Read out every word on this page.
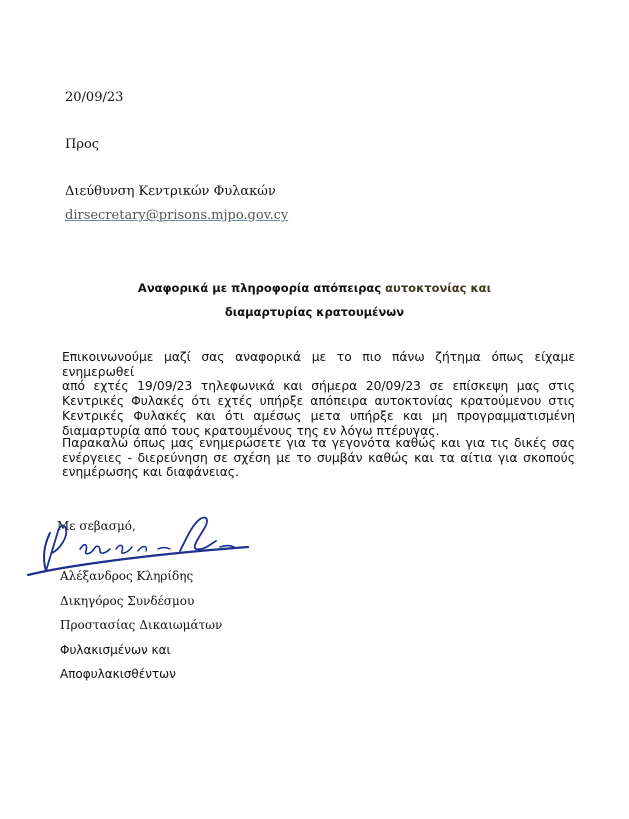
20/09/23
Προς
Διεύθυνση Κεντρικών Φυλακών
dirsecretary@prisons.mjpo.gov.cy
Αναφορικά με πληροφορία απόπειρας αυτοκτονίας και
διαμαρτυρίας κρατουμένων
Επικοινωνούμε μαζί σας αναφορικά με το πιο πάνω ζήτημα όπως είχαμε ενημερωθεί
από εχτές 19/09/23 τηλεφωνικά και σήμερα 20/09/23 σε επίσκεψη μας στις
Κεντρικές Φυλακές ότι εχτές υπήρξε απόπειρα αυτοκτονίας κρατούμενου στις
Κεντρικές Φυλακές και ότι αμέσως μετα υπήρξε και μη προγραμματισμένη
διαμαρτυρία από τους κρατουμένους της εν λόγω πτέρυγας.
Παρακαλώ όπως μας ενημερώσετε για τα γεγονότα καθώς και για τις δικές σας
ενέργειες - διερεύνηση σε σχέση με το συμβάν καθώς και τα αίτια για σκοπούς
ενημέρωσης και διαφάνειας.
Με σεβασμό,
Αλέξανδρος Κληρίδης
Δικηγόρος Συνδέσμου
Προστασίας Δικαιωμάτων
Φυλακισμένων και
Αποφυλακισθέντων
